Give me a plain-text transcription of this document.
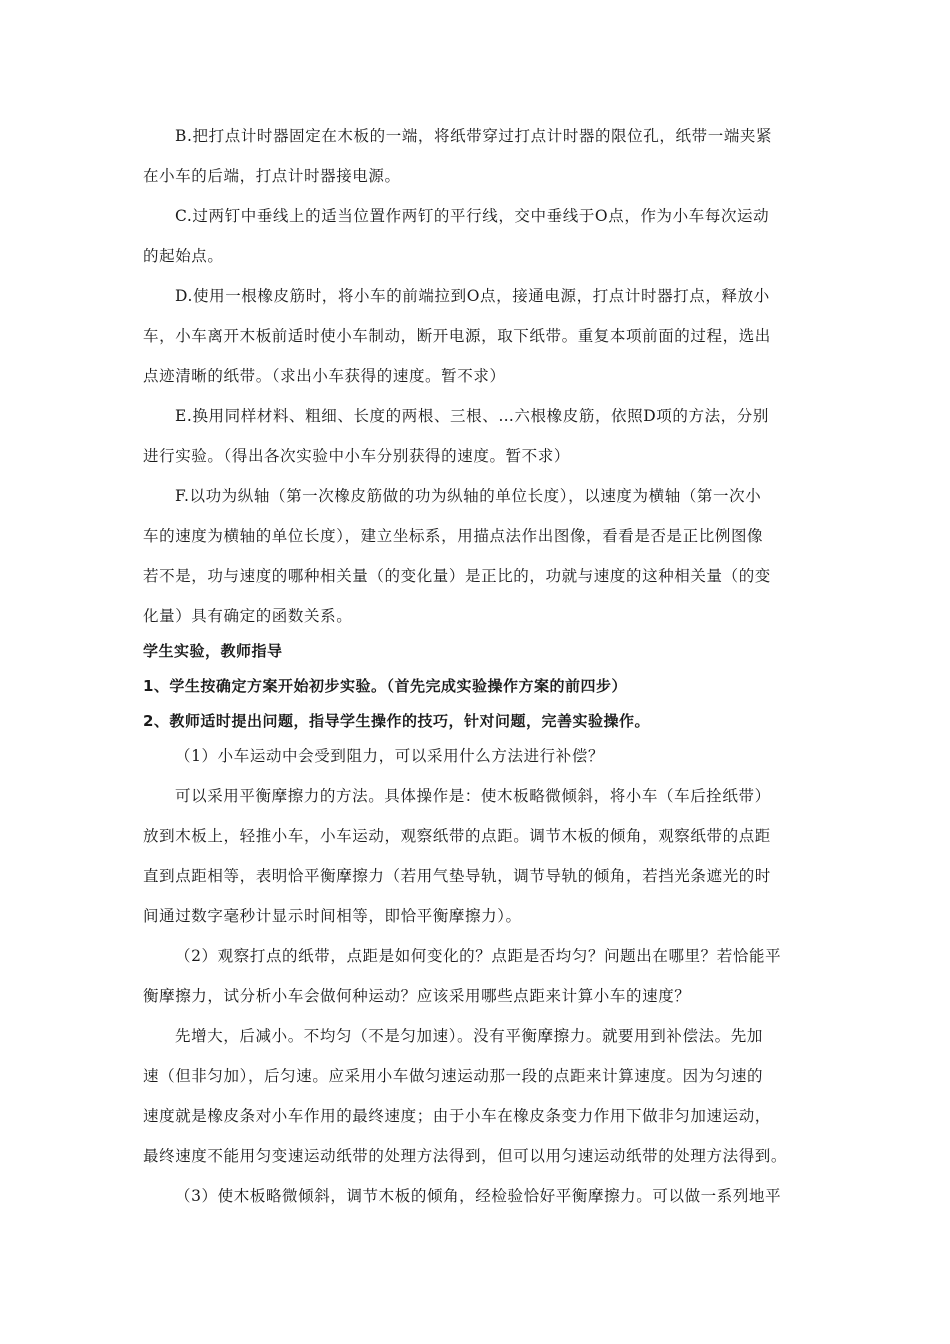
B.把打点计时器固定在木板的一端，将纸带穿过打点计时器的限位孔，纸带一端夹紧
在小车的后端，打点计时器接电源。
C.过两钉中垂线上的适当位置作两钉的平行线，交中垂线于O点，作为小车每次运动
的起始点。
D.使用一根橡皮筋时，将小车的前端拉到O点，接通电源，打点计时器打点，释放小
车，小车离开木板前适时使小车制动，断开电源，取下纸带。重复本项前面的过程，选出
点迹清晰的纸带。（求出小车获得的速度。暂不求）
E.换用同样材料、粗细、长度的两根、三根、…六根橡皮筋，依照D项的方法，分别
进行实验。（得出各次实验中小车分别获得的速度。暂不求）
F.以功为纵轴（第一次橡皮筋做的功为纵轴的单位长度），以速度为横轴（第一次小
车的速度为横轴的单位长度），建立坐标系，用描点法作出图像，看看是否是正比例图像
若不是，功与速度的哪种相关量（的变化量）是正比的，功就与速度的这种相关量（的变
化量）具有确定的函数关系。
学生实验，教师指导
1、学生按确定方案开始初步实验。（首先完成实验操作方案的前四步）
2、教师适时提出问题，指导学生操作的技巧，针对问题，完善实验操作。
（1）小车运动中会受到阻力，可以采用什么方法进行补偿？
可以采用平衡摩擦力的方法。具体操作是：使木板略微倾斜，将小车（车后拴纸带）
放到木板上，轻推小车，小车运动，观察纸带的点距。调节木板的倾角，观察纸带的点距
直到点距相等，表明恰平衡摩擦力（若用气垫导轨，调节导轨的倾角，若挡光条遮光的时
间通过数字毫秒计显示时间相等，即恰平衡摩擦力）。
（2）观察打点的纸带，点距是如何变化的？点距是否均匀？问题出在哪里？若恰能平
衡摩擦力，试分析小车会做何种运动？应该采用哪些点距来计算小车的速度？
先增大，后减小。不均匀（不是匀加速）。没有平衡摩擦力。就要用到补偿法。先加
速（但非匀加），后匀速。应采用小车做匀速运动那一段的点距来计算速度。因为匀速的
速度就是橡皮条对小车作用的最终速度；由于小车在橡皮条变力作用下做非匀加速运动，
最终速度不能用匀变速运动纸带的处理方法得到，但可以用匀速运动纸带的处理方法得到。
（3）使木板略微倾斜，调节木板的倾角，经检验恰好平衡摩擦力。可以做一系列地平
